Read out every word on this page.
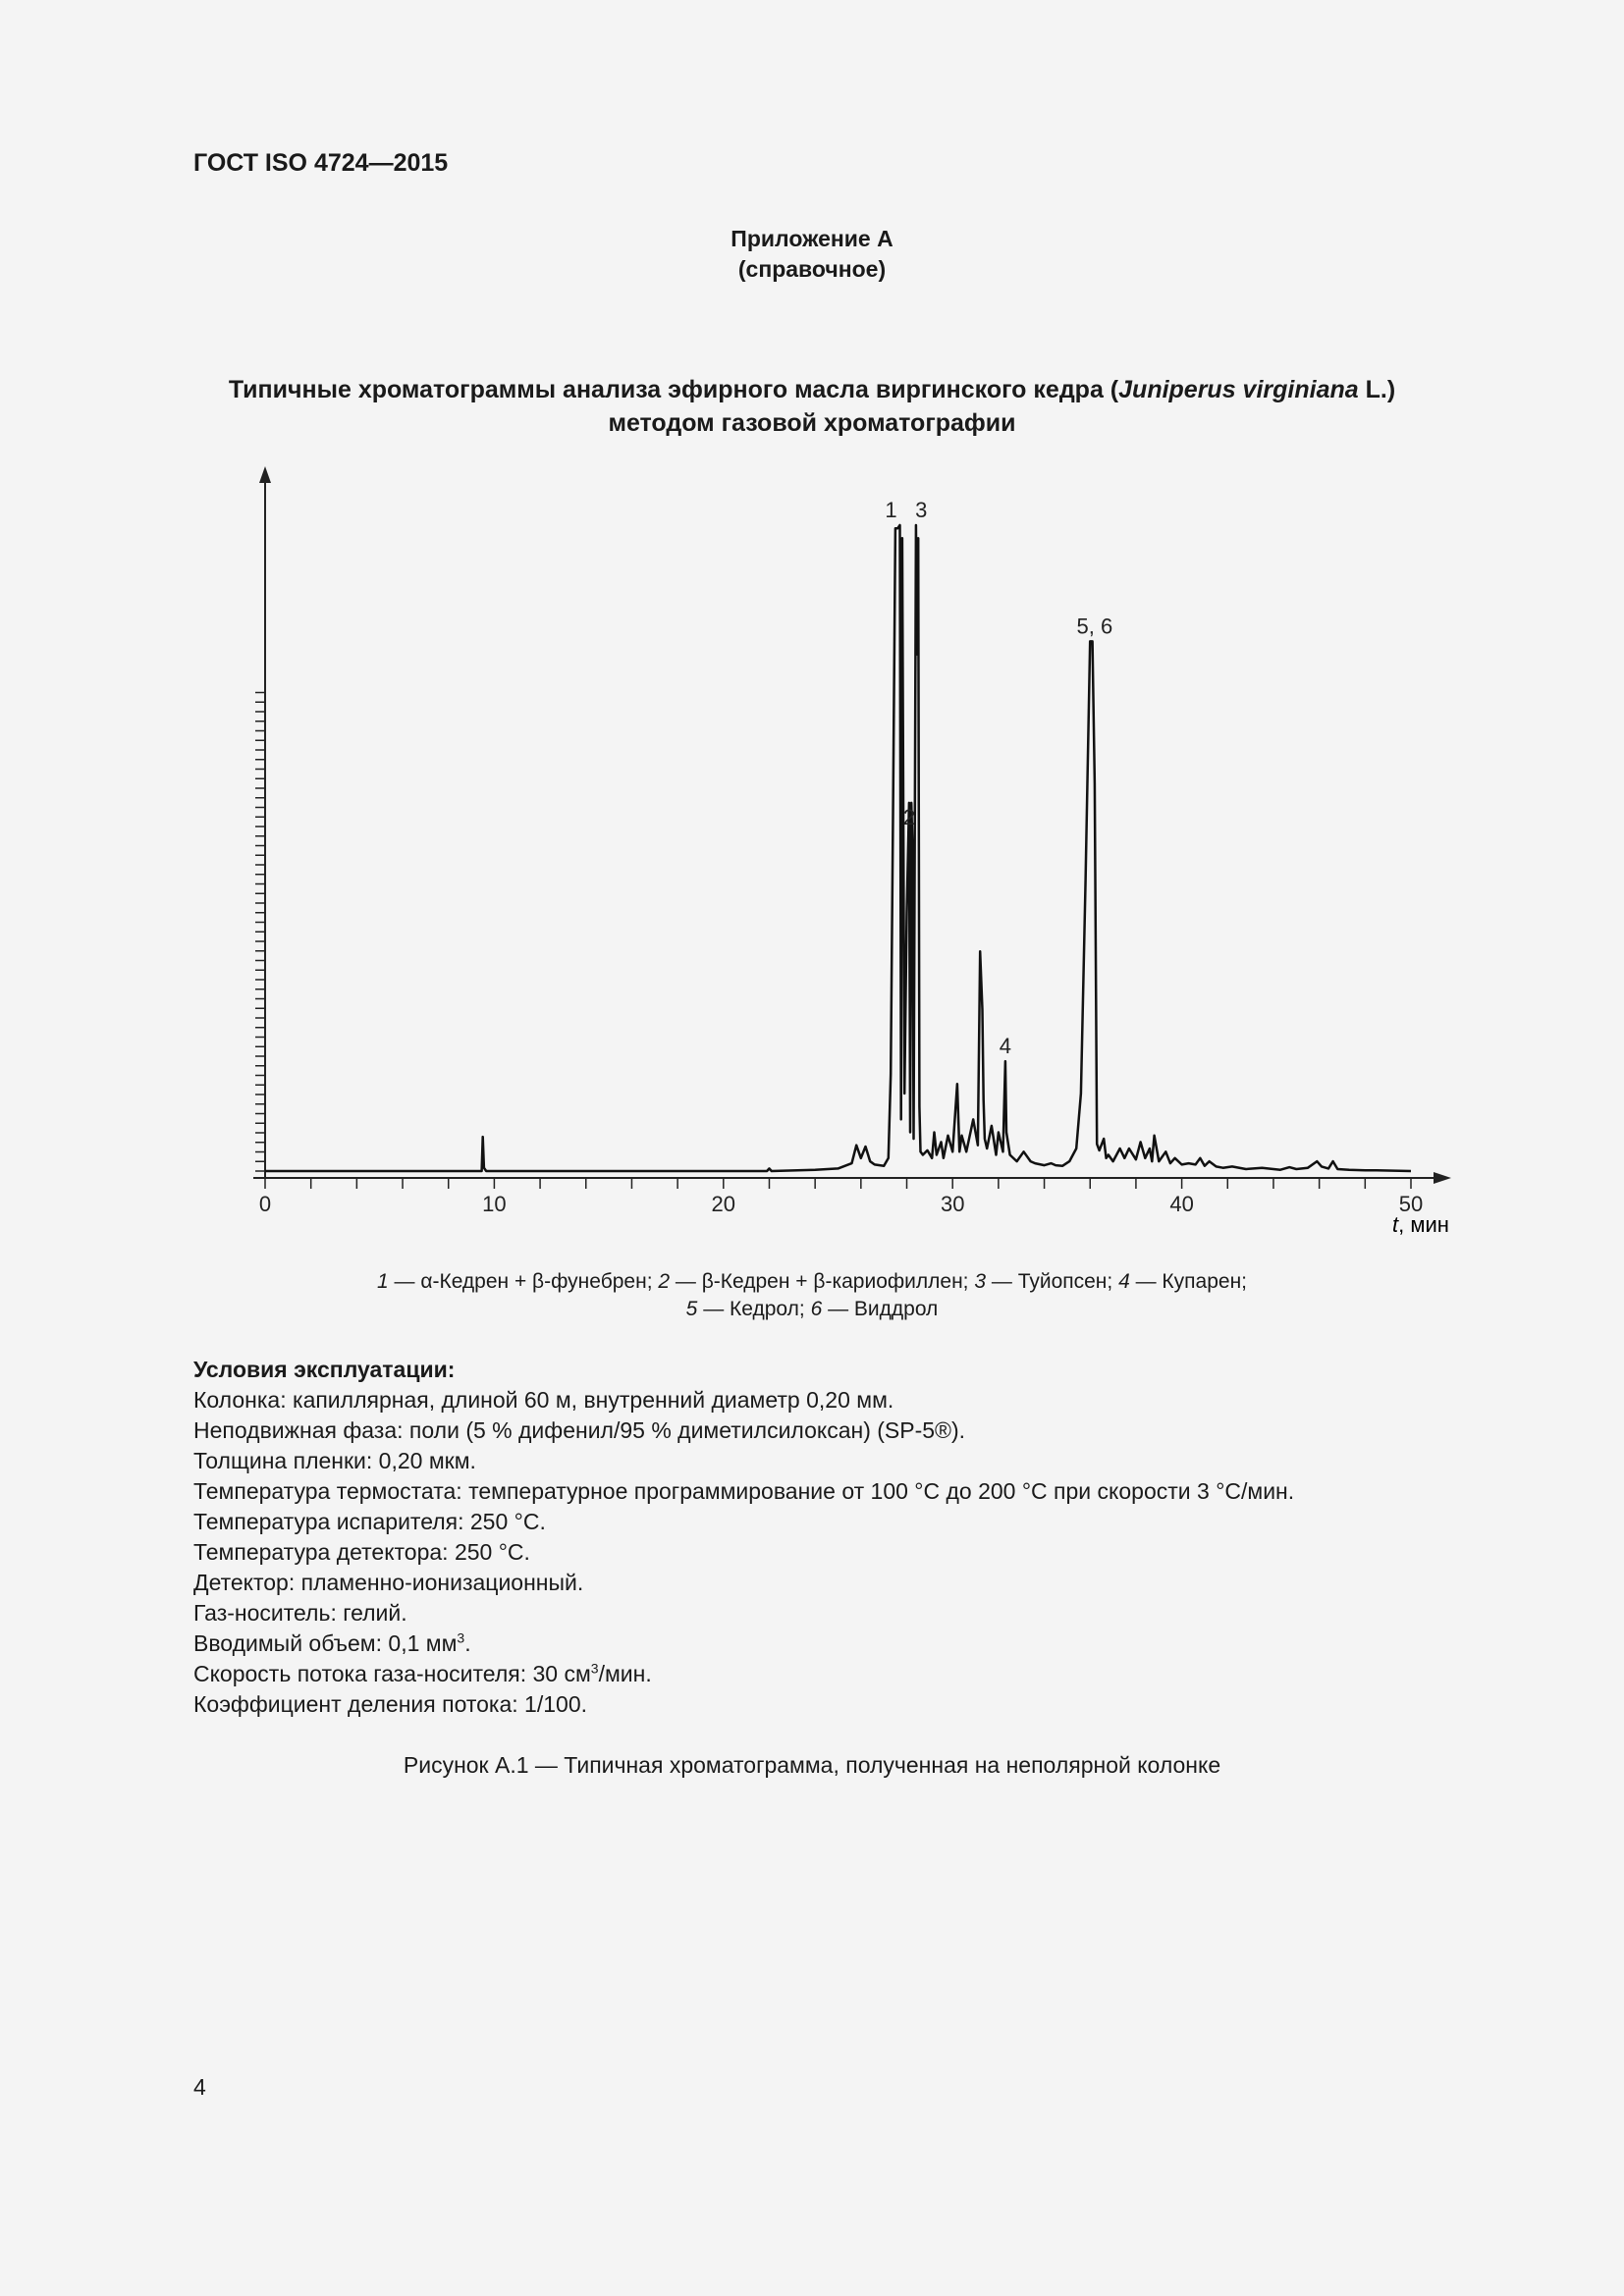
ГОСТ ISO 4724—2015
Приложение А
(справочное)
Типичные хроматограммы анализа эфирного масла виргинского кедра (Juniperus virginiana L.)
методом газовой хроматографии
0	10	20	30	40	50
1
2
3
4
5, 6
t, мин
1 — α-Кедрен + β-фунебрен; 2 — β-Кедрен + β-кариофиллен; 3 — Туйопсен; 4 — Купарен;
5 — Кедрол; 6 — Виддрол
Условия эксплуатации:
Колонка: капиллярная, длиной 60 м, внутренний диаметр 0,20 мм.
Неподвижная фаза: поли (5 % дифенил/95 % диметилсилоксан) (SP-5®).
Толщина пленки: 0,20 мкм.
Температура термостата: температурное программирование от 100 °C до 200 °C при скорости 3 °C/мин.
Температура испарителя: 250 °C.
Температура детектора: 250 °C.
Детектор: пламенно-ионизационный.
Газ-носитель: гелий.
Вводимый объем: 0,1 $мм^3$.
Скорость потока газа-носителя: 30 $см^3$/мин.
Коэффициент деления потока: 1/100.
Рисунок А.1 — Типичная хроматограмма, полученная на неполярной колонке
4
